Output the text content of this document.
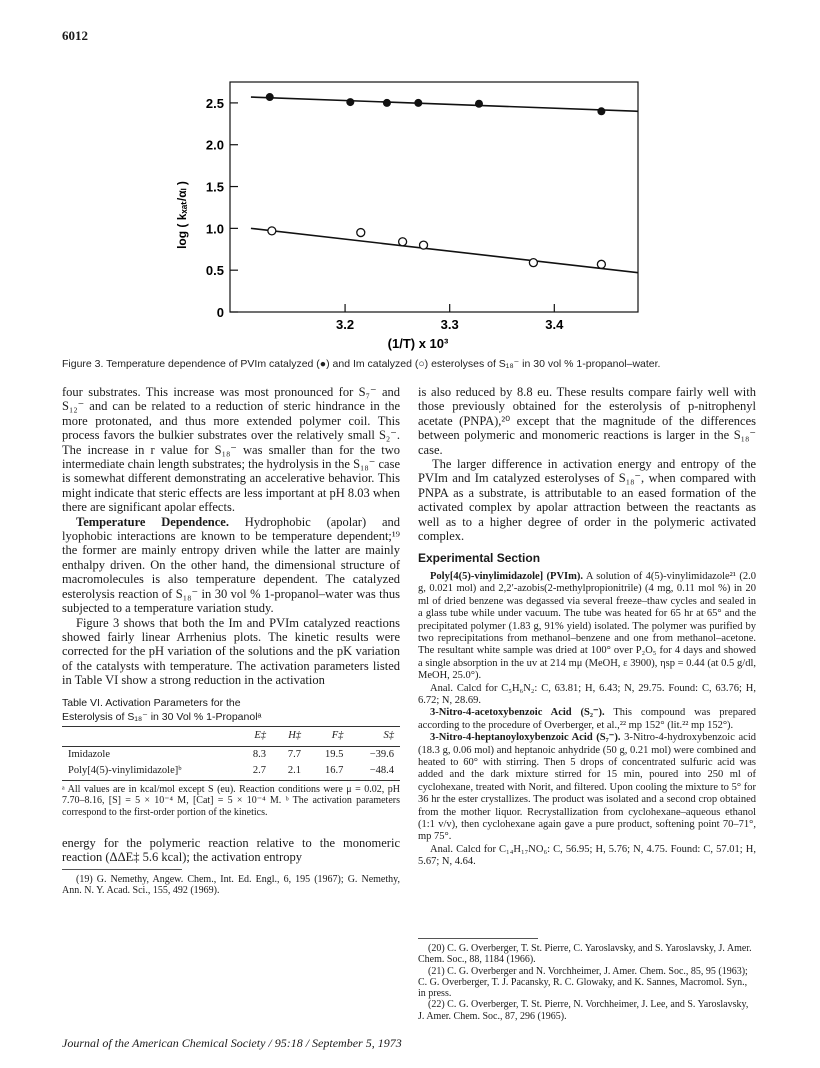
6012
0
0.5
1.0
1.5
2.0
2.5
3.2	3.3	3.4
(1/T) x 10³
log ( kₓₐₜ/αₗ )
Figure 3. Temperature dependence of PVIm catalyzed (●) and Im catalyzed (○) esterolyses of S₁₈⁻ in 30 vol % 1-propanol–water.

four substrates. This increase was most pronounced for S₇⁻ and S₁₂⁻ and can be related to a reduction of steric hindrance in the more protonated, and thus more extended polymer coil. This process favors the bulkier substrates over the relatively small S₂⁻. The increase in r value for S₁₈⁻ was smaller than for the two intermediate chain length substrates; the hydrolysis in the S₁₈⁻ case is somewhat different demonstrating an accelerative behavior. This might indicate that steric effects are less important at pH 8.03 when there are significant apolar effects.

Temperature Dependence. Hydrophobic (apolar) and lyophobic interactions are known to be temperature dependent;¹⁹ the former are mainly entropy driven while the latter are mainly enthalpy driven. On the other hand, the dimensional structure of macromolecules is also temperature dependent. The catalyzed esterolysis reaction of S₁₈⁻ in 30 vol % 1-propanol–water was thus subjected to a temperature variation study.

Figure 3 shows that both the Im and PVIm catalyzed reactions showed fairly linear Arrhenius plots. The kinetic results were corrected for the pH variation of the solutions and the pK variation of the catalysts with temperature. The activation parameters listed in Table VI show a strong reduction in the activation

Table VI. Activation Parameters for the
Esterolysis of S₁₈⁻ in 30 Vol % 1-Propanolᵃ
	E‡	H‡	F‡	S‡
Imidazole	8.3	7.7	19.5	−39.6
Poly[4(5)-vinylimidazole]ᵇ	2.7	2.1	16.7	−48.4
ᵃ All values are in kcal/mol except S (eu). Reaction conditions were μ = 0.02, pH 7.70–8.16, [S] = 5 × 10⁻⁴ M, [Cat] = 5 × 10⁻⁴ M. ᵇ The activation parameters correspond to the first-order portion of the kinetics.

energy for the polymeric reaction relative to the monomeric reaction (ΔΔE‡ 5.6 kcal); the activation entropy

(19) G. Nemethy, Angew. Chem., Int. Ed. Engl., 6, 195 (1967); G. Nemethy, Ann. N. Y. Acad. Sci., 155, 492 (1969).

is also reduced by 8.8 eu. These results compare fairly well with those previously obtained for the esterolysis of p-nitrophenyl acetate (PNPA),²⁰ except that the magnitude of the differences between polymeric and monomeric reactions is larger in the S₁₈⁻ case.

The larger difference in activation energy and entropy of the PVIm and Im catalyzed esterolyses of S₁₈⁻, when compared with PNPA as a substrate, is attributable to an eased formation of the activated complex by apolar attraction between the reactants as well as to a higher degree of order in the polymeric activated complex.

Experimental Section

Poly[4(5)-vinylimidazole] (PVIm). A solution of 4(5)-vinylimidazole²¹ (2.0 g, 0.021 mol) and 2,2′-azobis(2-methylpropionitrile) (4 mg, 0.11 mol %) in 20 ml of dried benzene was degassed via several freeze–thaw cycles and sealed in a glass tube while under vacuum. The tube was heated for 65 hr at 65° and the precipitated polymer (1.83 g, 91% yield) isolated. The polymer was purified by two reprecipitations from methanol–benzene and one from methanol–acetone. The resultant white sample was dried at 100° over P₂O₅ for 4 days and showed a single absorption in the uv at 214 mμ (MeOH, ε 3900), ηsp = 0.44 (at 0.5 g/dl, MeOH, 25.0°).

Anal. Calcd for C₅H₆N₂: C, 63.81; H, 6.43; N, 29.75. Found: C, 63.76; H, 6.72; N, 28.69.

3-Nitro-4-acetoxybenzoic Acid (S₂⁻). This compound was prepared according to the procedure of Overberger, et al.,²² mp 152° (lit.²² mp 152°).

3-Nitro-4-heptanoyloxybenzoic Acid (S₇⁻). 3-Nitro-4-hydroxybenzoic acid (18.3 g, 0.06 mol) and heptanoic anhydride (50 g, 0.21 mol) were combined and heated to 60° with stirring. Then 5 drops of concentrated sulfuric acid was added and the dark mixture stirred for 15 min, poured into 250 ml of cyclohexane, treated with Norit, and filtered. Upon cooling the mixture to 5° for 36 hr the ester crystallizes. The product was isolated and a second crop obtained from the mother liquor. Recrystallization from cyclohexane–aqueous ethanol (1:1 v/v), then cyclohexane again gave a pure product, softening point 70–71°, mp 75°.

Anal. Calcd for C₁₄H₁₇NO₆: C, 56.95; H, 5.76; N, 4.75. Found: C, 57.01; H, 5.67; N, 4.64.

(20) C. G. Overberger, T. St. Pierre, C. Yaroslavsky, and S. Yaroslavsky, J. Amer. Chem. Soc., 88, 1184 (1966).

(21) C. G. Overberger and N. Vorchheimer, J. Amer. Chem. Soc., 85, 95 (1963); C. G. Overberger, T. J. Pacansky, R. C. Glowaky, and K. Sannes, Macromol. Syn., in press.

(22) C. G. Overberger, T. St. Pierre, N. Vorchheimer, J. Lee, and S. Yaroslavsky, J. Amer. Chem. Soc., 87, 296 (1965).

Journal of the American Chemical Society / 95:18 / September 5, 1973
